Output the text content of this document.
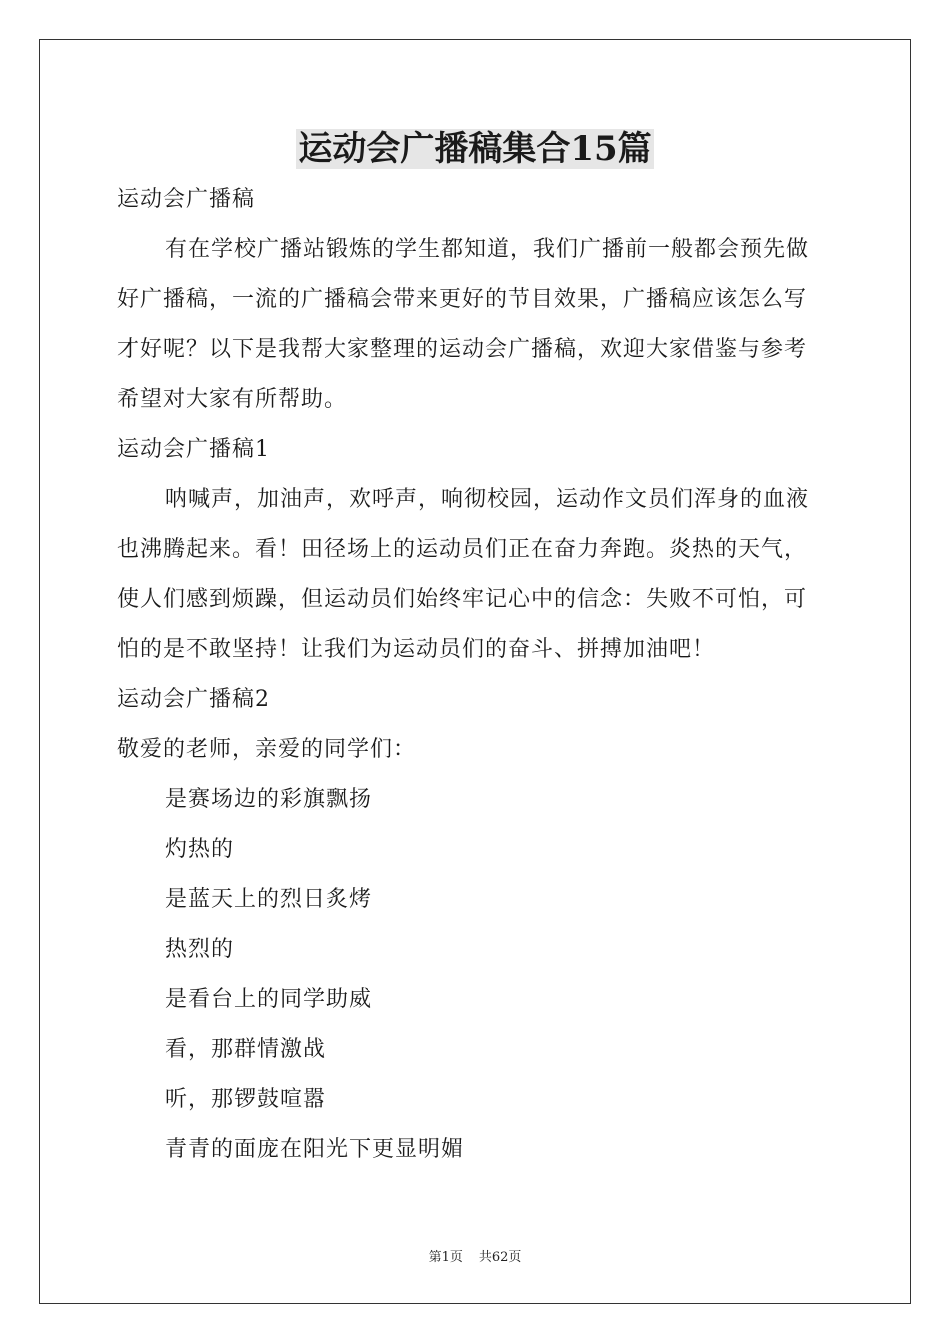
运动会广播稿集合15篇
运动会广播稿
有在学校广播站锻炼的学生都知道，我们广播前一般都会预先做
好广播稿，一流的广播稿会带来更好的节目效果，广播稿应该怎么写
才好呢？以下是我帮大家整理的运动会广播稿，欢迎大家借鉴与参考
希望对大家有所帮助。
运动会广播稿1
呐喊声，加油声，欢呼声，响彻校园，运动作文员们浑身的血液
也沸腾起来。看！田径场上的运动员们正在奋力奔跑。炎热的天气，
使人们感到烦躁，但运动员们始终牢记心中的信念：失败不可怕，可
怕的是不敢坚持！让我们为运动员们的奋斗、拼搏加油吧！
运动会广播稿2
敬爱的老师，亲爱的同学们：
是赛场边的彩旗飘扬
灼热的
是蓝天上的烈日炙烤
热烈的
是看台上的同学助威
看，那群情激战
听，那锣鼓喧嚣
青青的面庞在阳光下更显明媚
第1页 共62页
